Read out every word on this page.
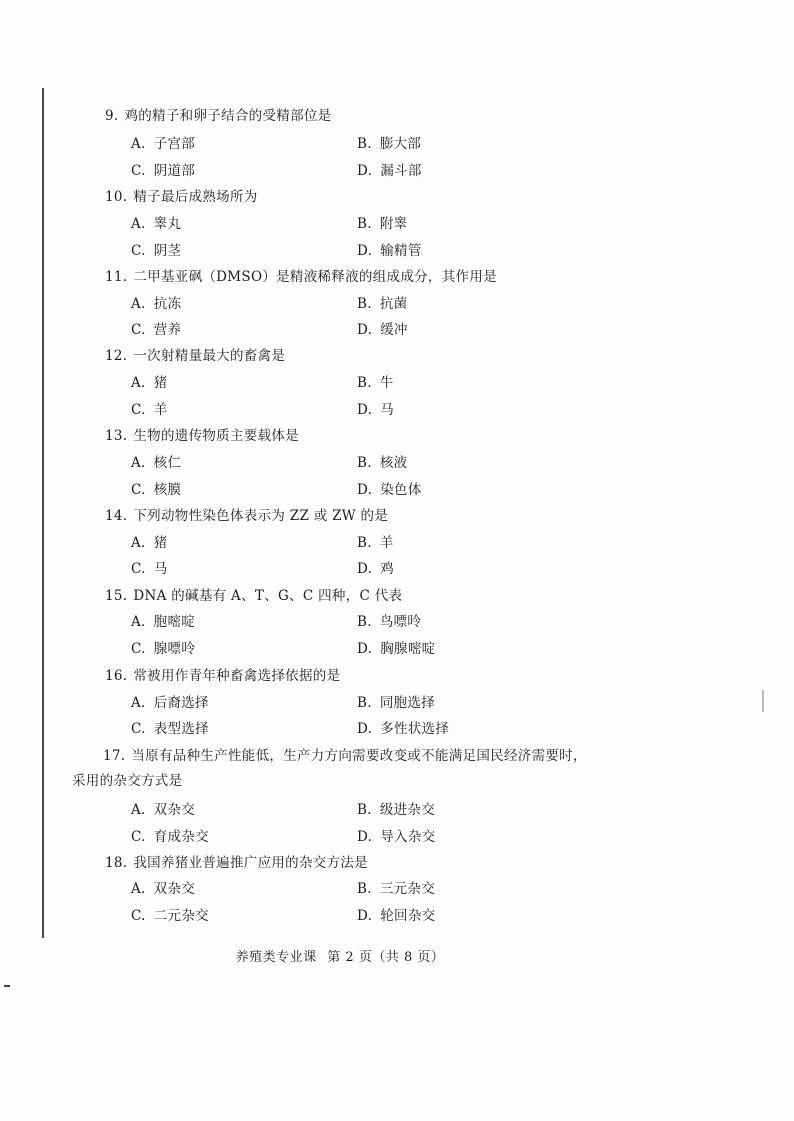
9. 鸡的精子和卵子结合的受精部位是
A. 子宫部	B. 膨大部
C. 阴道部	D. 漏斗部
10. 精子最后成熟场所为
A. 睾丸	B. 附睾
C. 阴茎	D. 输精管
11. 二甲基亚砜（DMSO）是精液稀释液的组成成分，其作用是
A. 抗冻	B. 抗菌
C. 营养	D. 缓冲
12. 一次射精量最大的畜禽是
A. 猪	B. 牛
C. 羊	D. 马
13. 生物的遗传物质主要载体是
A. 核仁	B. 核液
C. 核膜	D. 染色体
14. 下列动物性染色体表示为 ZZ 或 ZW 的是
A. 猪	B. 羊
C. 马	D. 鸡
15. DNA 的碱基有 A、T、G、C 四种，C 代表
A. 胞嘧啶	B. 鸟嘌呤
C. 腺嘌呤	D. 胸腺嘧啶
16. 常被用作青年种畜禽选择依据的是
A. 后裔选择	B. 同胞选择
C. 表型选择	D. 多性状选择
17. 当原有品种生产性能低，生产力方向需要改变或不能满足国民经济需要时，采用的杂交方式是
A. 双杂交	B. 级进杂交
C. 育成杂交	D. 导入杂交
18. 我国养猪业普遍推广应用的杂交方法是
A. 双杂交	B. 三元杂交
C. 二元杂交	D. 轮回杂交
养殖类专业课 第 2 页（共 8 页）
